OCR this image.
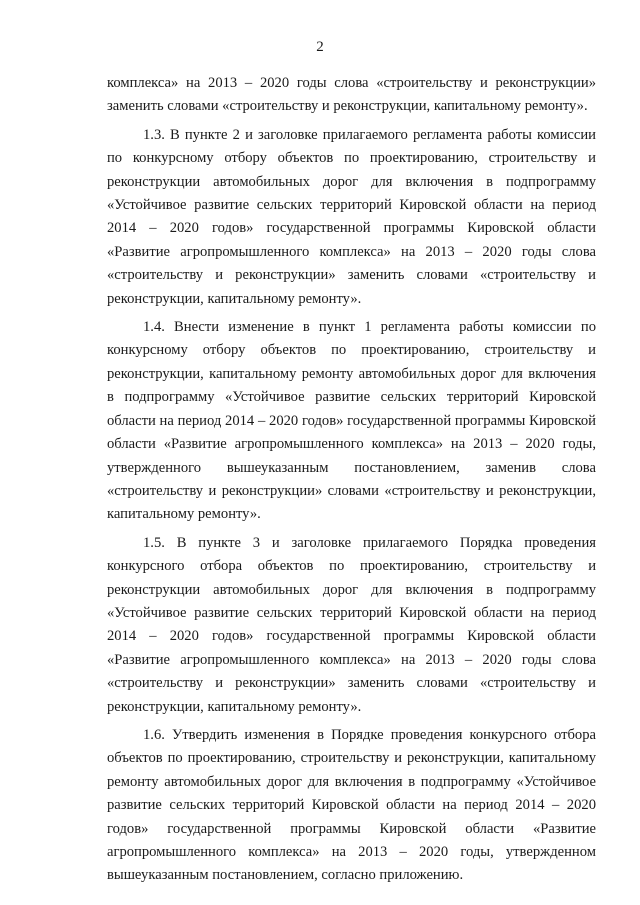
2

комплекса» на 2013 – 2020 годы слова «строительству и реконструкции» заменить словами «строительству и реконструкции, капитальному ремонту».

1.3. В пункте 2 и заголовке прилагаемого регламента работы комиссии по конкурсному отбору объектов по проектированию, строительству и реконструкции автомобильных дорог для включения в подпрограмму «Устойчивое развитие сельских территорий Кировской области на период 2014 – 2020 годов» государственной программы Кировской области «Развитие агропромышленного комплекса» на 2013 – 2020 годы слова «строительству и реконструкции» заменить словами «строительству и реконструкции, капитальному ремонту».

1.4. Внести изменение в пункт 1 регламента работы комиссии по конкурсному отбору объектов по проектированию, строительству и реконструкции, капитальному ремонту автомобильных дорог для включения в подпрограмму «Устойчивое развитие сельских территорий Кировской области на период 2014 – 2020 годов» государственной программы Кировской области «Развитие агропромышленного комплекса» на 2013 – 2020 годы, утвержденного вышеуказанным постановлением, заменив слова «строительству и реконструкции» словами «строительству и реконструкции, капитальному ремонту».

1.5. В пункте 3 и заголовке прилагаемого Порядка проведения конкурсного отбора объектов по проектированию, строительству и реконструкции автомобильных дорог для включения в подпрограмму «Устойчивое развитие сельских территорий Кировской области на период 2014 – 2020 годов» государственной программы Кировской области «Развитие агропромышленного комплекса» на 2013 – 2020 годы слова «строительству и реконструкции» заменить словами «строительству и реконструкции, капитальному ремонту».

1.6. Утвердить изменения в Порядке проведения конкурсного отбора объектов по проектированию, строительству и реконструкции, капитальному ремонту автомобильных дорог для включения в подпрограмму «Устойчивое развитие сельских территорий Кировской области на период 2014 – 2020 годов» государственной программы Кировской области «Развитие агропромышленного комплекса» на 2013 – 2020 годы, утвержденном вышеуказанным постановлением, согласно приложению.
